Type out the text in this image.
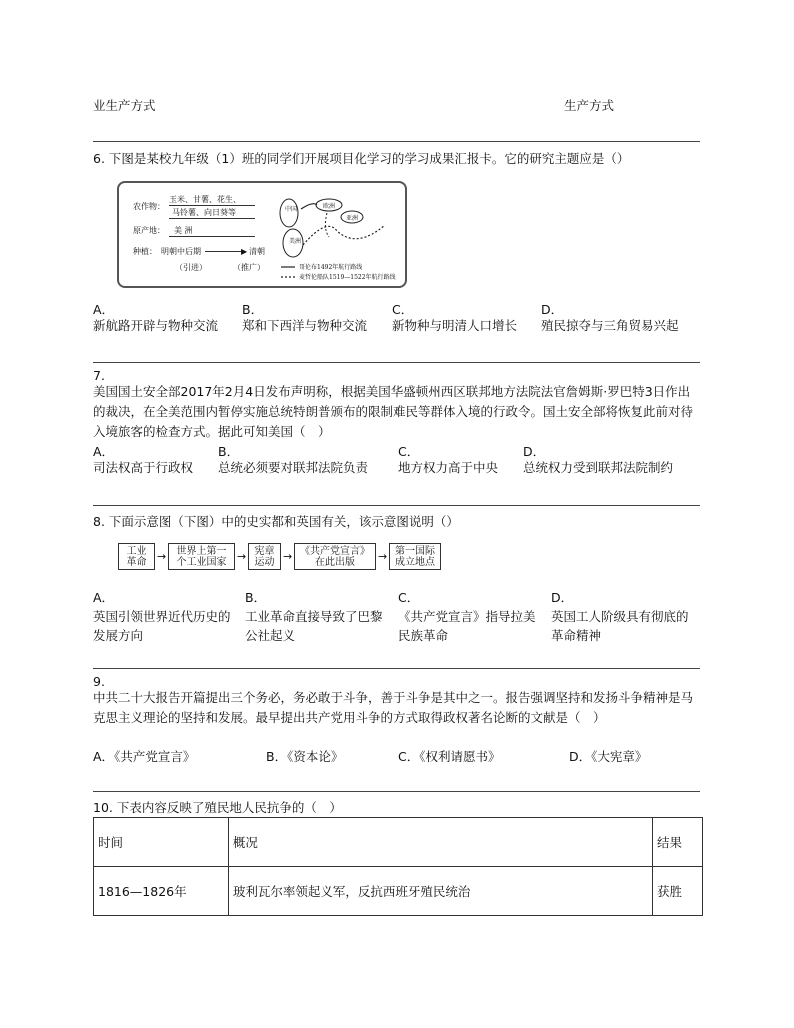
业生产方式	生产方式
6. 下图是某校九年级（1）班的同学们开展项目化学习的学习成果汇报卡。它的研究主题应是（）
农作物：
玉米、甘薯、花生、
马铃薯、向日葵等
原产地： 美 洲
种植： 明朝中后期	▶ 清朝
（引进）	（推广）
中国
美洲
欧洲
亚洲
哥伦布1492年航行路线
麦哲伦船队1519—1522年航行路线
A．
新航路开辟与物种交流
B．
郑和下西洋与物种交流
C．
新物种与明清人口增长
D．
殖民掠夺与三角贸易兴起
7.
美国国土安全部2017年2月4日发布声明称，根据美国华盛顿州西区联邦地方法院法官詹姆斯·罗巴特3日作出的裁决，在全美范围内暂停实施总统特朗普颁布的限制难民等群体入境的行政令。国土安全部将恢复此前对待入境旅客的检查方式。据此可知美国（　）
A．
司法权高于行政权
B．
总统必须要对联邦法院负责
C．
地方权力高于中央
D．
总统权力受到联邦法院制约
8. 下面示意图（下图）中的史实都和英国有关，该示意图说明（）
工业
革命 →	世界上第一
个工业国家 → 宪章
运动 → 《共产党宣言》
在此出版	→ 第一国际
成立地点
A．
英国引领世界近代历史的
发展方向
B．
工业革命直接导致了巴黎
公社起义
C．
《共产党宣言》指导拉美
民族革命
D．
英国工人阶级具有彻底的
革命精神
9.
中共二十大报告开篇提出三个务必，务必敢于斗争，善于斗争是其中之一。报告强调坚持和发扬斗争精神是马克思主义理论的坚持和发展。最早提出共产党用斗争的方式取得政权著名论断的文献是（　）
A．《共产党宣言》	B．《资本论》	C．《权利请愿书》	D．《大宪章》
10. 下表内容反映了殖民地人民抗争的（　）
时间	概况	结果
1816—1826年	玻利瓦尔率领起义军，反抗西班牙殖民统治	获胜
